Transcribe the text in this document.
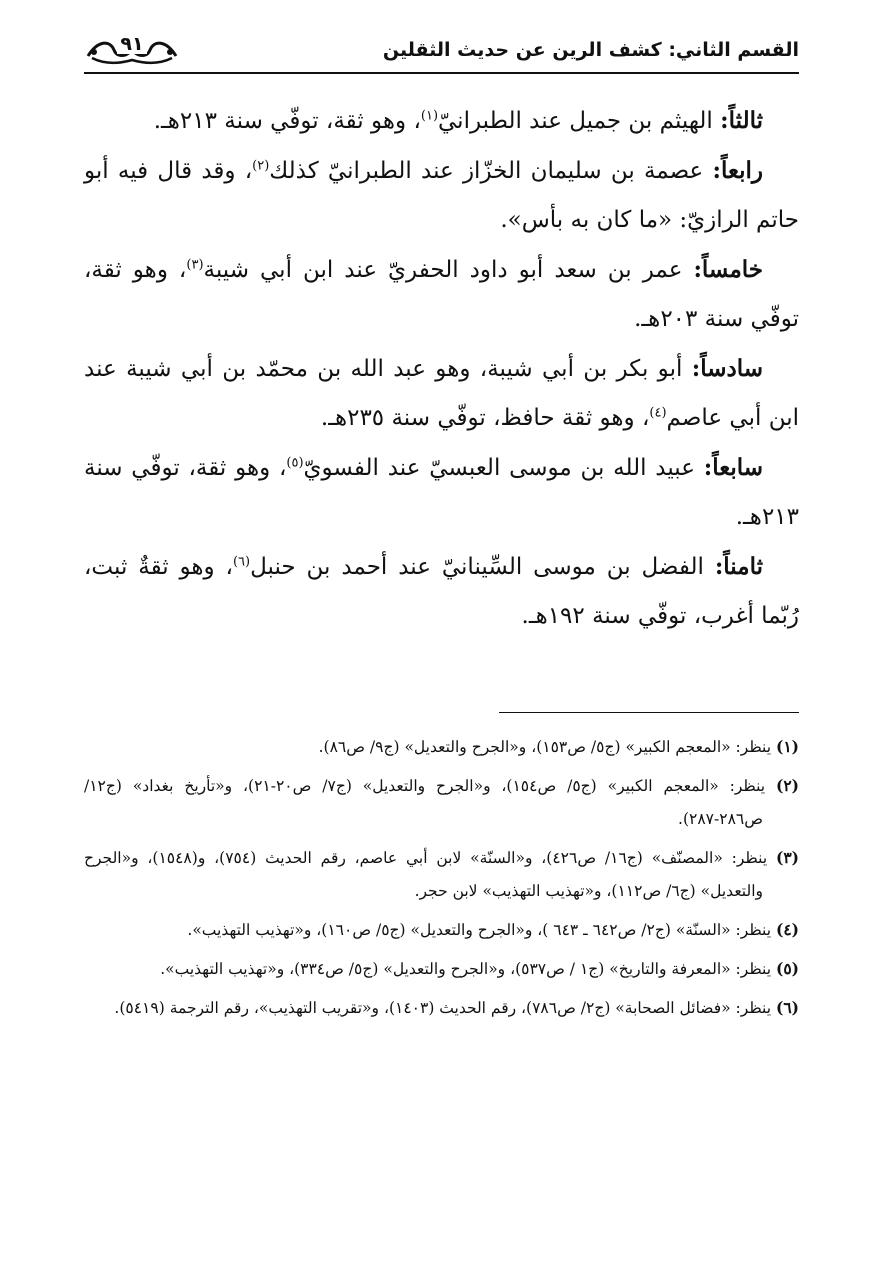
القسم الثاني: كشف الرين عن حديث الثقلين
٩١

ثالثاً: الهيثم بن جميل عند الطبرانيّ$^{(١)}$، وهو ثقة، توفّي سنة ٢١٣هـ.

رابعاً: عصمة بن سليمان الخزّاز عند الطبرانيّ كذلك$^{(٢)}$، وقد قال فيه أبو حاتم الرازيّ: «ما كان به بأس».

خامساً: عمر بن سعد أبو داود الحفريّ عند ابن أبي شيبة$^{(٣)}$، وهو ثقة، توفّي سنة ٢٠٣هـ.

سادساً: أبو بكر بن أبي شيبة، وهو عبد الله بن محمّد بن أبي شيبة عند ابن أبي عاصم$^{(٤)}$، وهو ثقة حافظ، توفّي سنة ٢٣٥هـ.

سابعاً: عبيد الله بن موسى العبسيّ عند الفسويّ$^{(٥)}$، وهو ثقة، توفّي سنة ٢١٣هـ.

ثامناً: الفضل بن موسى السِّينانيّ عند أحمد بن حنبل$^{(٦)}$، وهو ثقةٌ ثبت، رُبّما أغرب، توفّي سنة ١٩٢هـ.

(١) ينظر: «المعجم الكبير» (ج٥/ ص١٥٣)، و«الجرح والتعديل» (ج٩/ ص٨٦).

(٢) ينظر: «المعجم الكبير» (ج٥/ ص١٥٤)، و«الجرح والتعديل» (ج٧/ ص٢٠-٢١)، و«تأريخ بغداد» (ج١٢/ ص٢٨٦-٢٨٧).

(٣) ينظر: «المصنّف» (ج١٦/ ص٤٢٦)، و«السنّة» لابن أبي عاصم، رقم الحديث (٧٥٤)، و(١٥٤٨)، و«الجرح والتعديل» (ج٦/ ص١١٢)، و«تهذيب التهذيب» لابن حجر.

(٤) ينظر: «السنّة» (ج٢/ ص٦٤٢ ـ ٦٤٣ )، و«الجرح والتعديل» (ج٥/ ص١٦٠)، و«تهذيب التهذيب».

(٥) ينظر: «المعرفة والتاريخ» (ج١ / ص٥٣٧)، و«الجرح والتعديل» (ج٥/ ص٣٣٤)، و«تهذيب التهذيب».

(٦) ينظر: «فضائل الصحابة» (ج٢/ ص٧٨٦)، رقم الحديث (١٤٠٣)، و«تقريب التهذيب»، رقم الترجمة (٥٤١٩).
